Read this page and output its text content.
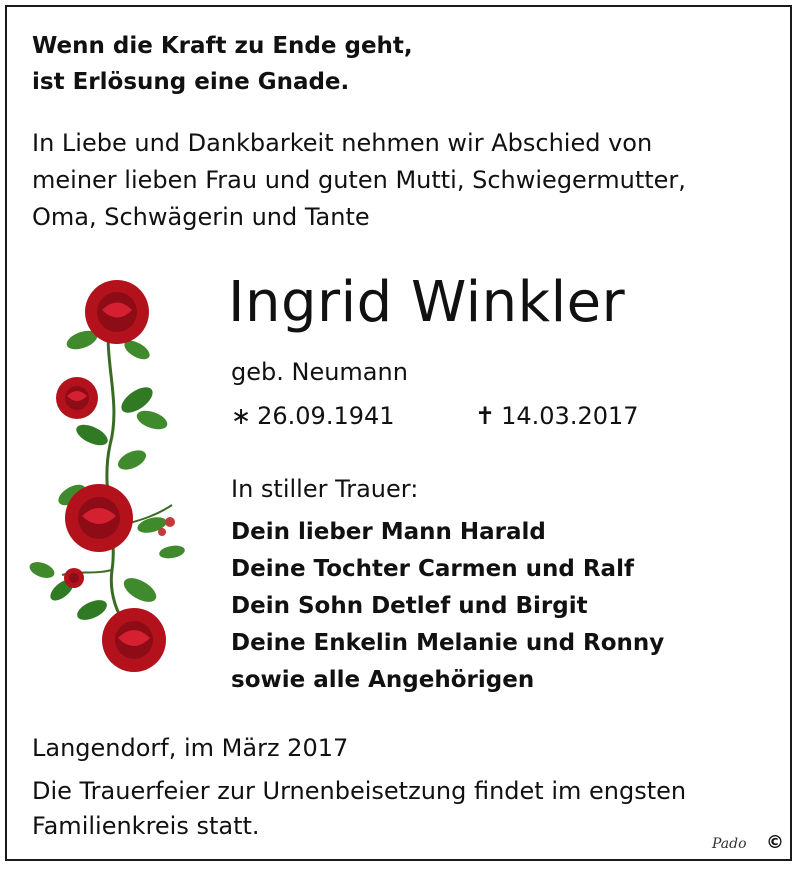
Wenn die Kraft zu Ende geht,
ist Erlösung eine Gnade.
In Liebe und Dankbarkeit nehmen wir Abschied von
meiner lieben Frau und guten Mutti, Schwiegermutter,
Oma, Schwägerin und Tante
Ingrid Winkler
geb. Neumann
∗ 26.09.1941	✝ 14.03.2017
In stiller Trauer:
Dein lieber Mann Harald
Deine Tochter Carmen und Ralf
Dein Sohn Detlef und Birgit
Deine Enkelin Melanie und Ronny
sowie alle Angehörigen
Langendorf, im März 2017
Die Trauerfeier zur Urnenbeisetzung findet im engsten
Familienkreis statt.
Pado ©
